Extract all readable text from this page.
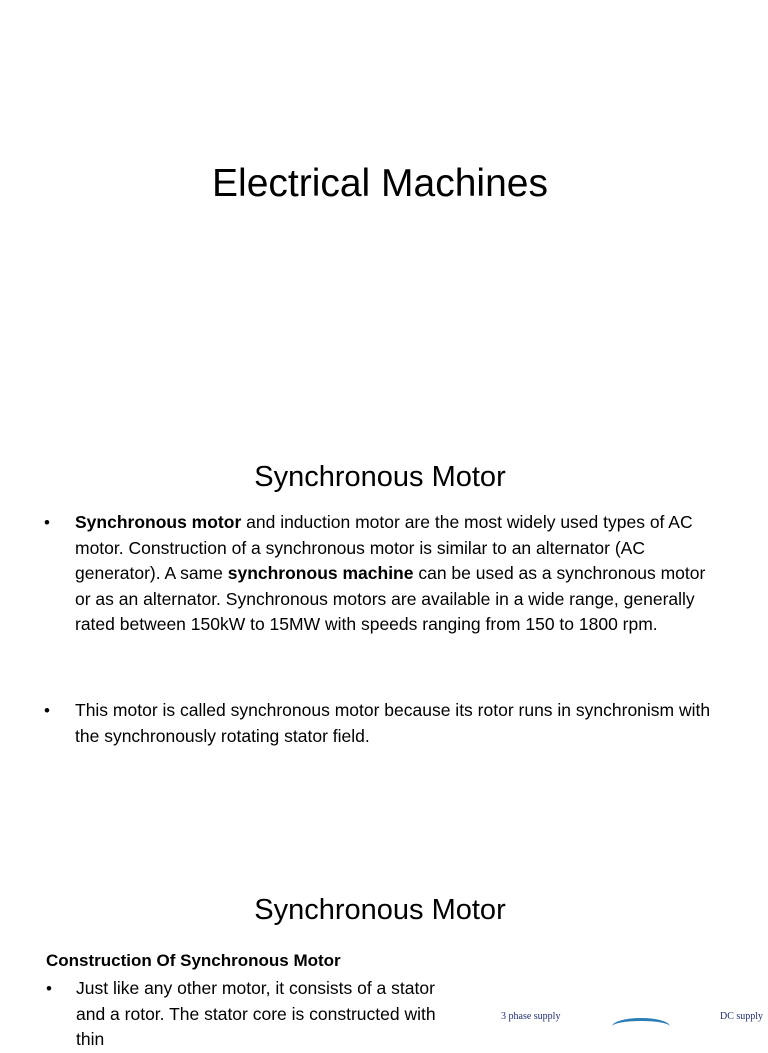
Electrical Machines
Synchronous Motor
• Synchronous motor and induction motor are the most widely used types of AC motor. Construction of a synchronous motor is similar to an alternator (AC generator). A same synchronous machine can be used as a synchronous motor or as an alternator. Synchronous motors are available in a wide range, generally rated between 150kW to 15MW with speeds ranging from 150 to 1800 rpm.
• This motor is called synchronous motor because its rotor runs in synchronism with the synchronously rotating stator field.
Synchronous Motor

Construction Of Synchronous Motor

• Just like any other motor, it consists of a stator and a rotor. The stator core is constructed with thin
3 phase supply	DC supply
